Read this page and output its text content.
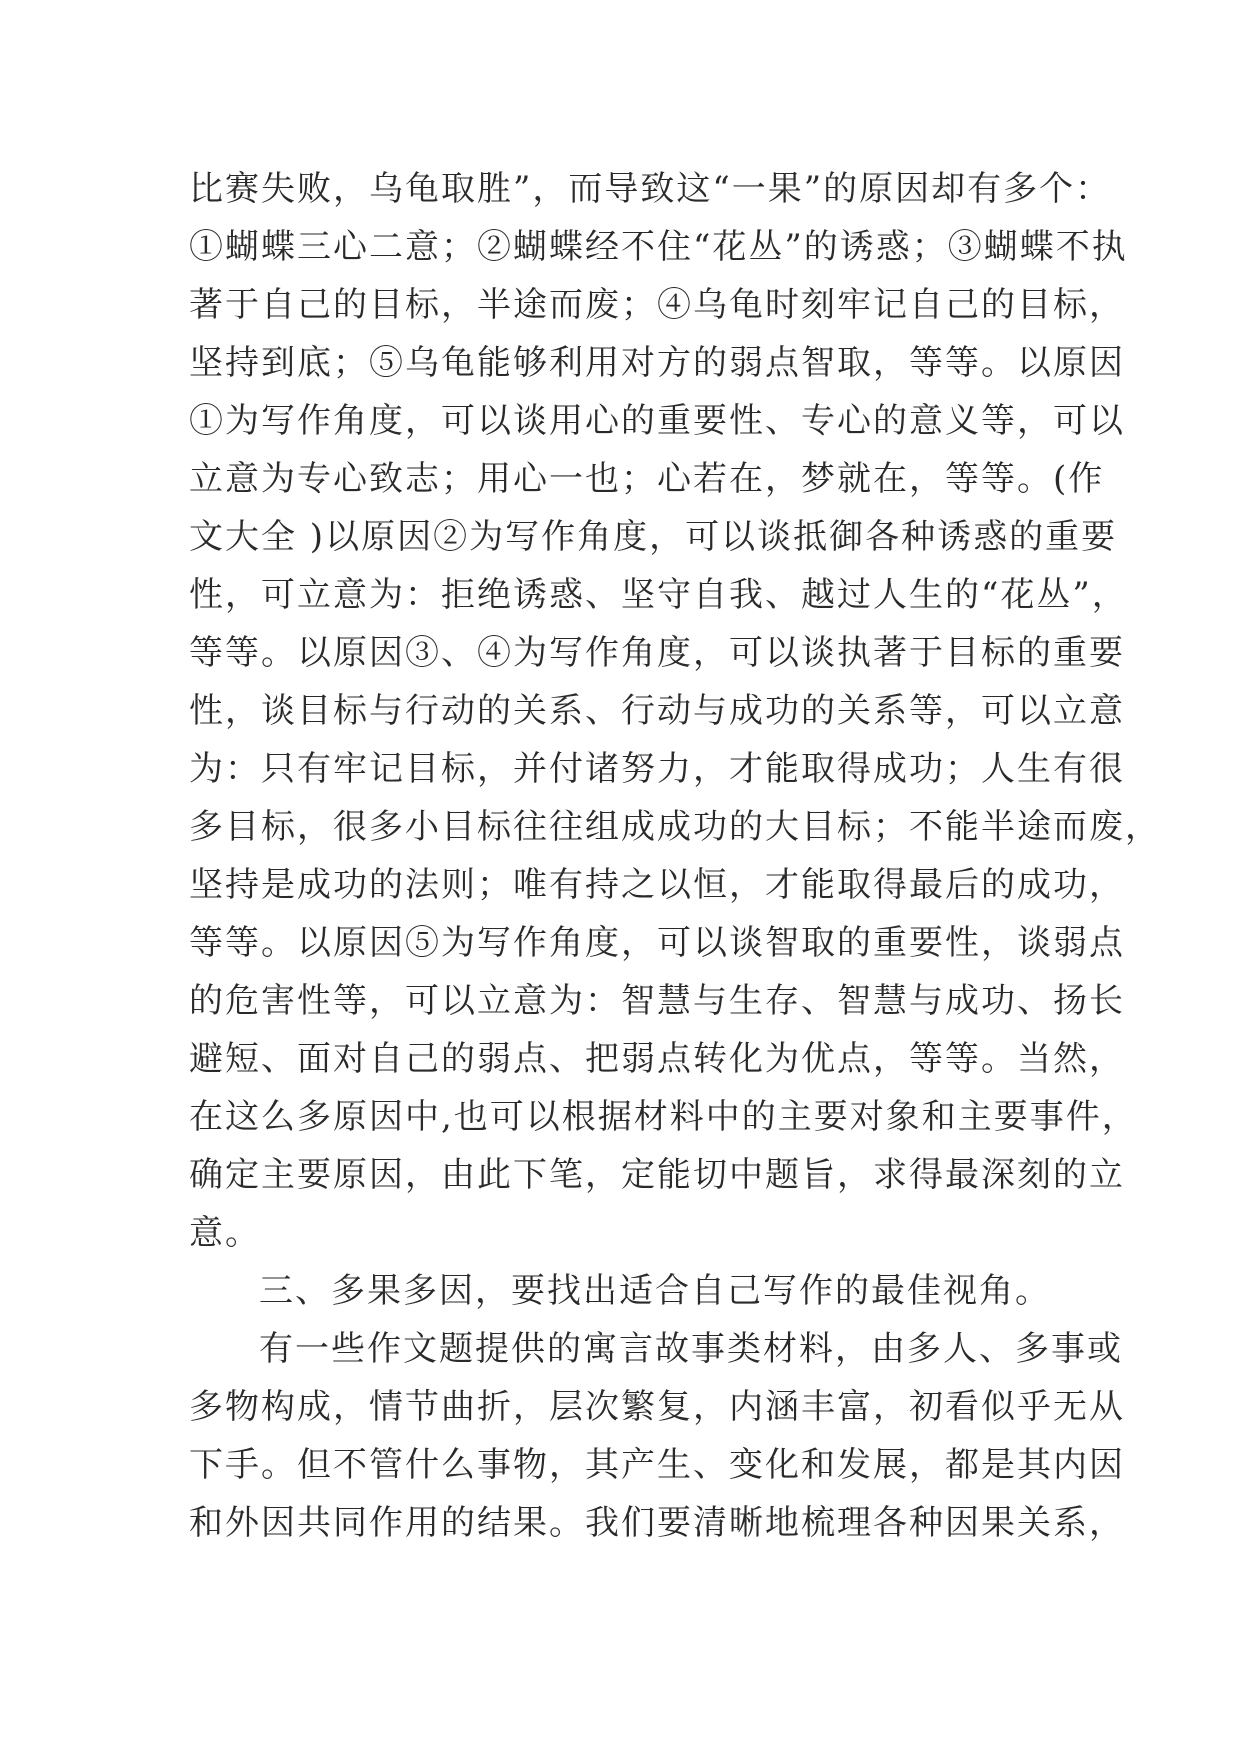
比赛失败，乌龟取胜”，而导致这“一果”的原因却有多个：
①蝴蝶三心二意；②蝴蝶经不住“花丛”的诱惑；③蝴蝶不执
著于自己的目标，半途而废；④乌龟时刻牢记自己的目标，
坚持到底；⑤乌龟能够利用对方的弱点智取，等等。以原因
①为写作角度，可以谈用心的重要性、专心的意义等，可以
立意为专心致志；用心一也；心若在，梦就在，等等。(作
文大全 )以原因②为写作角度，可以谈抵御各种诱惑的重要
性，可立意为：拒绝诱惑、坚守自我、越过人生的“花丛”，
等等。以原因③、④为写作角度，可以谈执著于目标的重要
性，谈目标与行动的关系、行动与成功的关系等，可以立意
为：只有牢记目标，并付诸努力，才能取得成功；人生有很
多目标，很多小目标往往组成成功的大目标；不能半途而废，
坚持是成功的法则；唯有持之以恒，才能取得最后的成功，
等等。以原因⑤为写作角度，可以谈智取的重要性，谈弱点
的危害性等，可以立意为：智慧与生存、智慧与成功、扬长
避短、面对自己的弱点、把弱点转化为优点，等等。当然，
在这么多原因中,也可以根据材料中的主要对象和主要事件，
确定主要原因，由此下笔，定能切中题旨，求得最深刻的立
意。
三、多果多因，要找出适合自己写作的最佳视角。
有一些作文题提供的寓言故事类材料，由多人、多事或
多物构成，情节曲折，层次繁复，内涵丰富，初看似乎无从
下手。但不管什么事物，其产生、变化和发展，都是其内因
和外因共同作用的结果。我们要清晰地梳理各种因果关系，
